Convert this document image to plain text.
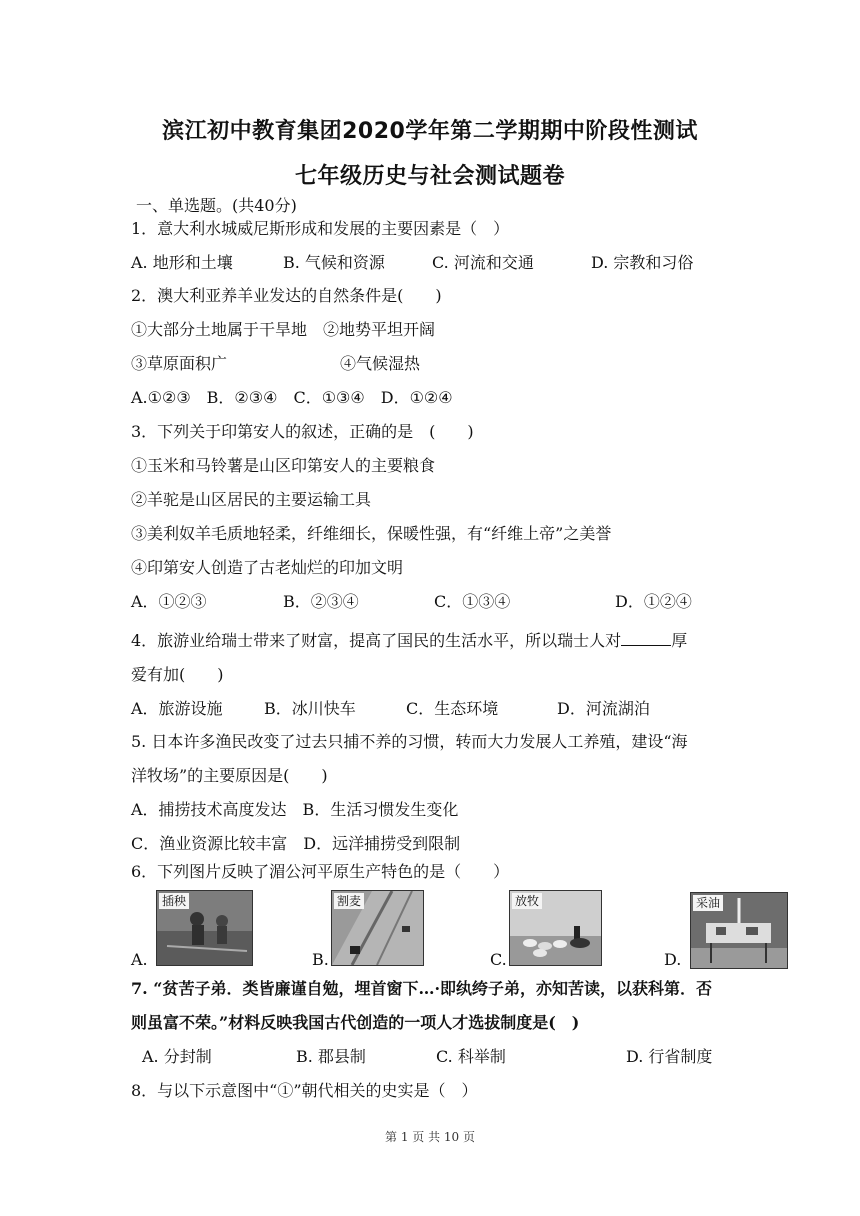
滨江初中教育集团2020学年第二学期期中阶段性测试
七年级历史与社会测试题卷
一、单选题。(共40分)
1．意大利水城威尼斯形成和发展的主要因素是（　）
A. 地形和土壤	B. 气候和资源	C. 河流和交通	D. 宗教和习俗
2．澳大利亚养羊业发达的自然条件是(　　)
①大部分土地属于干旱地　②地势平坦开阔
③草原面积广	④气候湿热
A.①②③　B．②③④　C．①③④　D．①②④
3．下列关于印第安人的叙述，正确的是　(　　)
①玉米和马铃薯是山区印第安人的主要粮食
②羊驼是山区居民的主要运输工具
③美利奴羊毛质地轻柔，纤维细长，保暖性强，有“纤维上帝”之美誉
④印第安人创造了古老灿烂的印加文明
A．①②③	B．②③④	C．①③④	D．①②④
4．旅游业给瑞士带来了财富，提高了国民的生活水平，所以瑞士人对	厚
爱有加(　　)
A．旅游设施	B．冰川快车	C．生态环境	D．河流湖泊
5. 日本许多渔民改变了过去只捕不养的习惯，转而大力发展人工养殖，建设“海
洋牧场”的主要原因是(　　)
A．捕捞技术高度发达　B．生活习惯发生变化
C．渔业资源比较丰富　D．远洋捕捞受到限制
6．下列图片反映了湄公河平原生产特色的是（　　）
A.
插秧
B.
割麦
C.
放牧
D.
采油
7. “贫苦子弟．类皆廉谨自勉，埋首窗下…·即纨绔子弟，亦知苦读，以获科第．否
则虽富不荣。”材料反映我国古代创造的一项人才选拔制度是(　)
A. 分封制	B. 郡县制	C. 科举制	D. 行省制度
8．与以下示意图中“①”朝代相关的史实是（　）
第 1 页 共 10 页
